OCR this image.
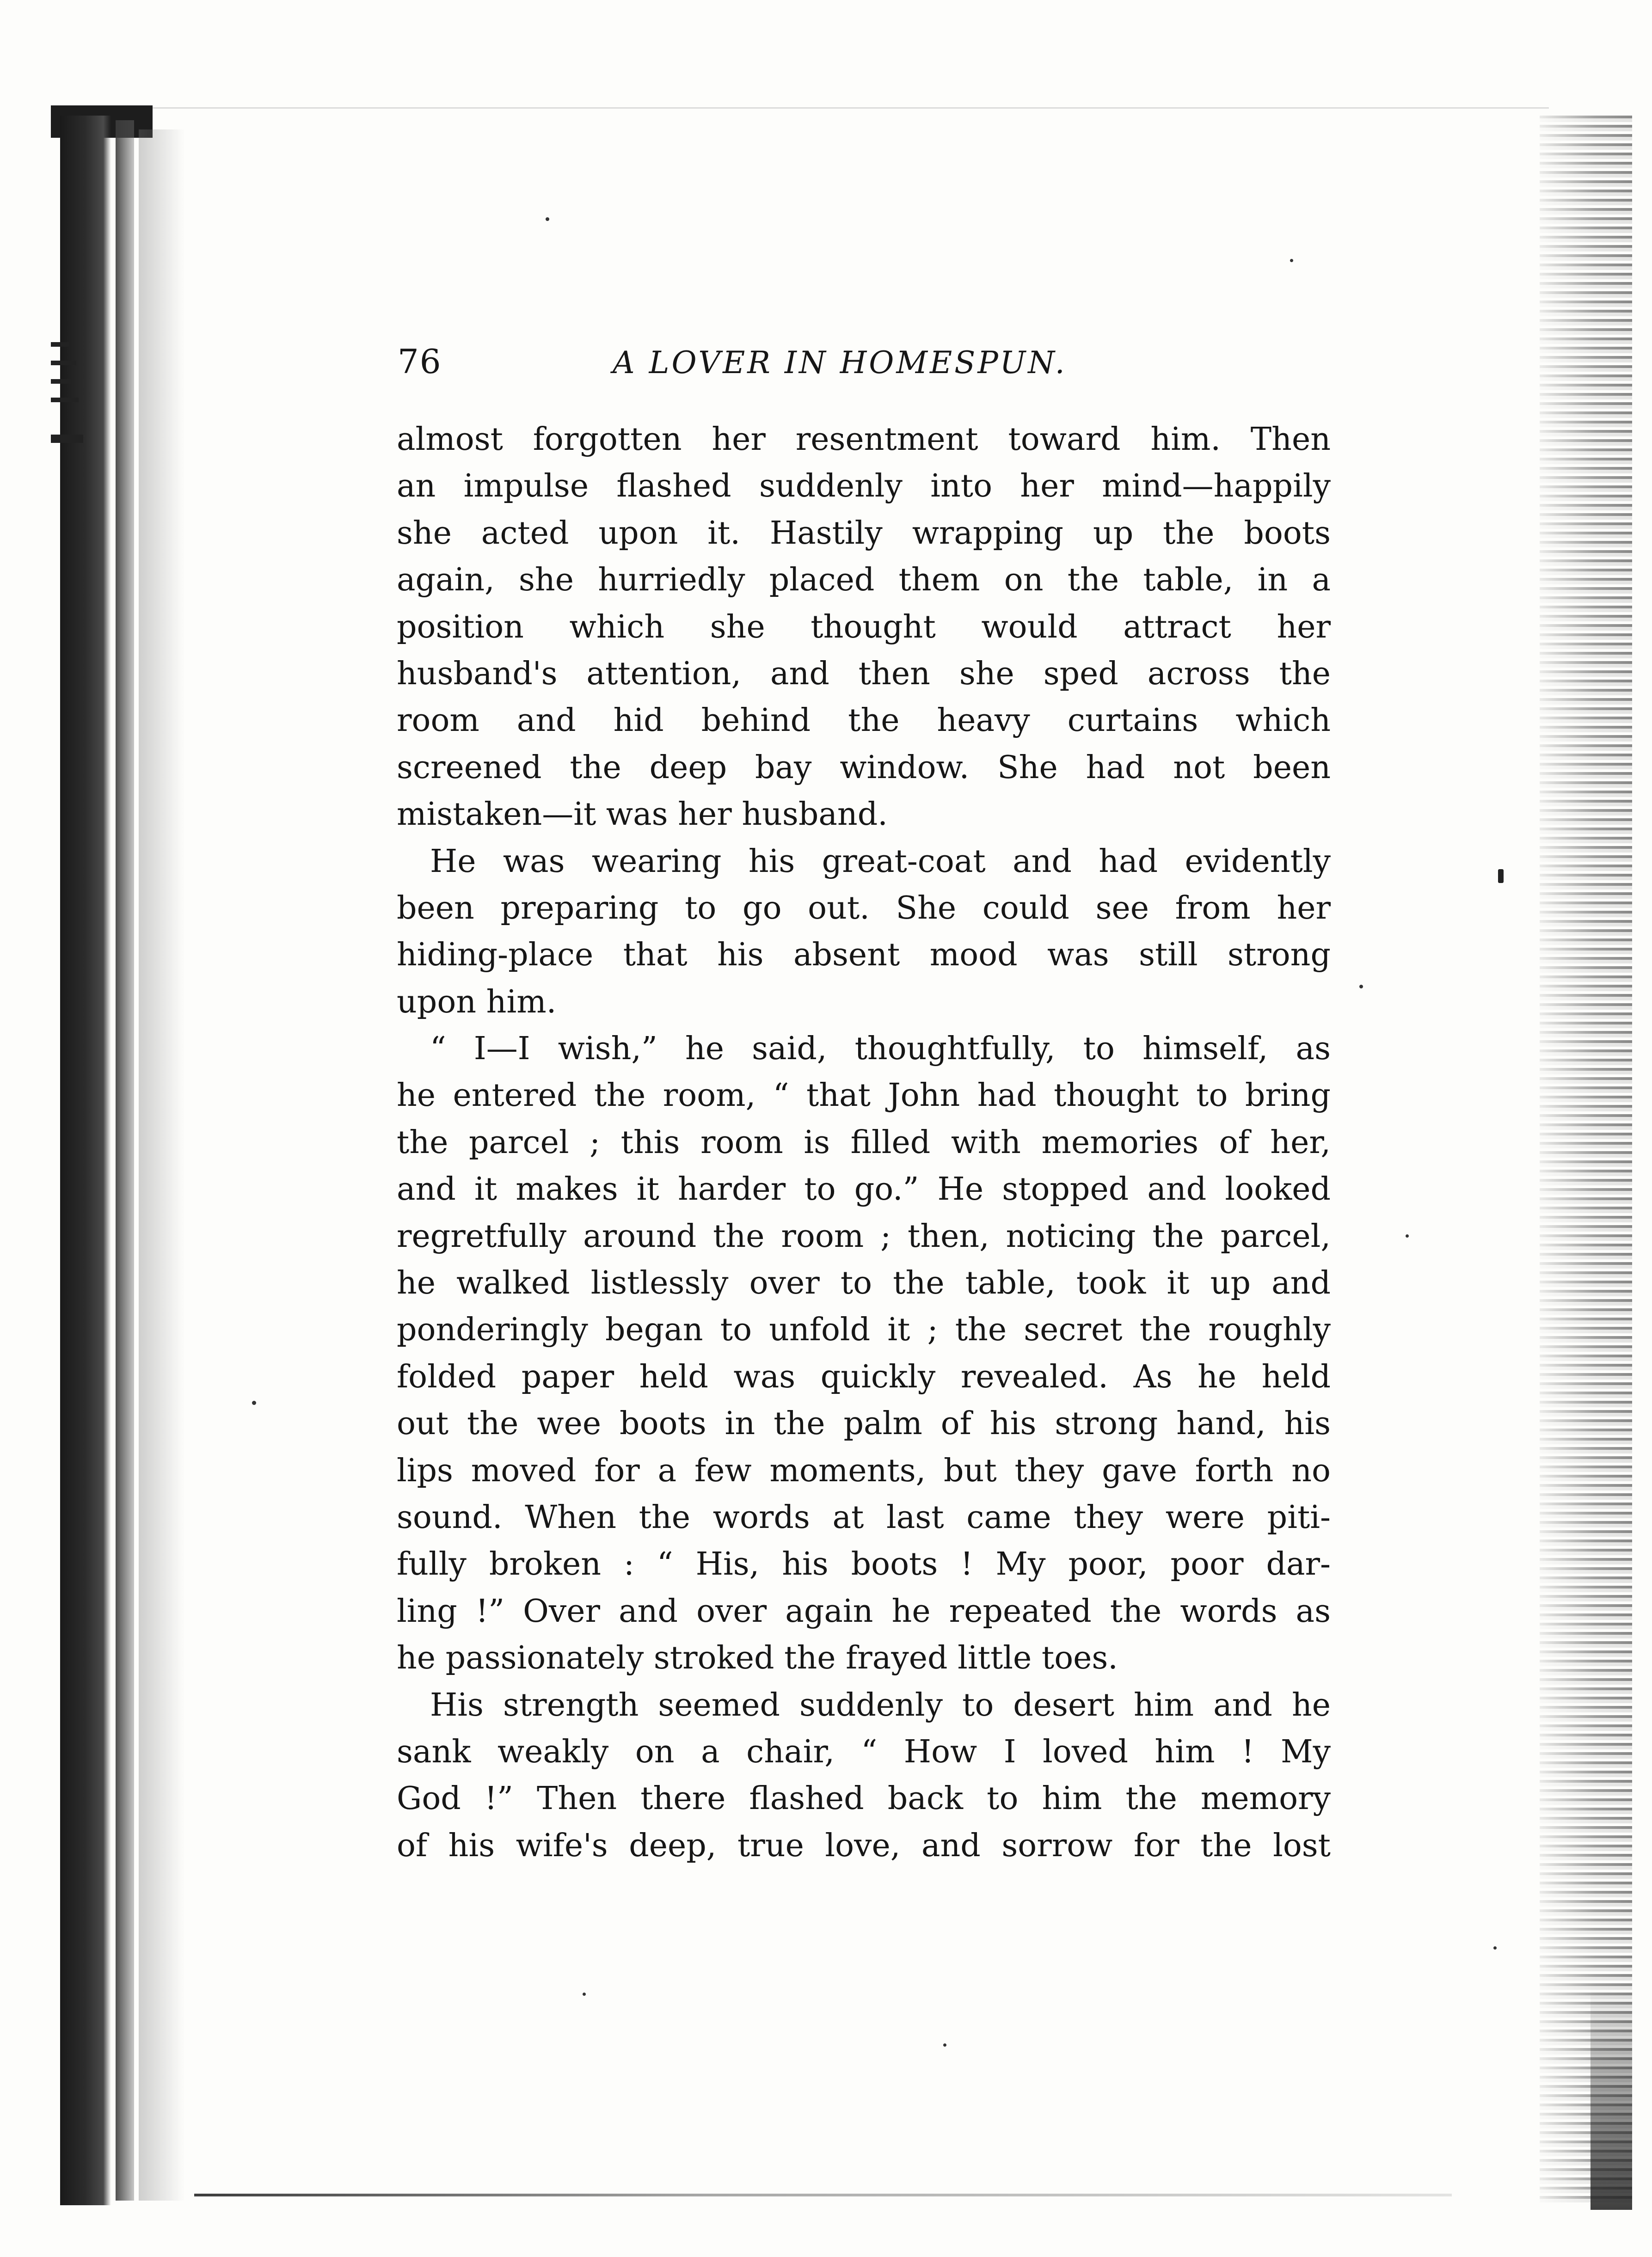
76	A LOVER IN HOMESPUN.
almost forgotten her resentment toward him. Then
an impulse flashed suddenly into her mind—happily
she acted upon it. Hastily wrapping up the boots
again, she hurriedly placed them on the table, in a
position which she thought would attract her
husband's attention, and then she sped across the
room and hid behind the heavy curtains which
screened the deep bay window. She had not been
mistaken—it was her husband.
He was wearing his great-coat and had evidently
been preparing to go out. She could see from her
hiding-place that his absent mood was still strong
upon him.
“ I—I wish,” he said, thoughtfully, to himself, as
he entered the room, “ that John had thought to bring
the parcel ; this room is filled with memories of her,
and it makes it harder to go.” He stopped and looked
regretfully around the room ; then, noticing the parcel,
he walked listlessly over to the table, took it up and
ponderingly began to unfold it ; the secret the roughly
folded paper held was quickly revealed. As he held
out the wee boots in the palm of his strong hand, his
lips moved for a few moments, but they gave forth no
sound. When the words at last came they were piti-
fully broken : “ His, his boots ! My poor, poor dar-
ling !” Over and over again he repeated the words as
he passionately stroked the frayed little toes.
His strength seemed suddenly to desert him and he
sank weakly on a chair, “ How I loved him ! My
God !” Then there flashed back to him the memory
of his wife's deep, true love, and sorrow for the lost
